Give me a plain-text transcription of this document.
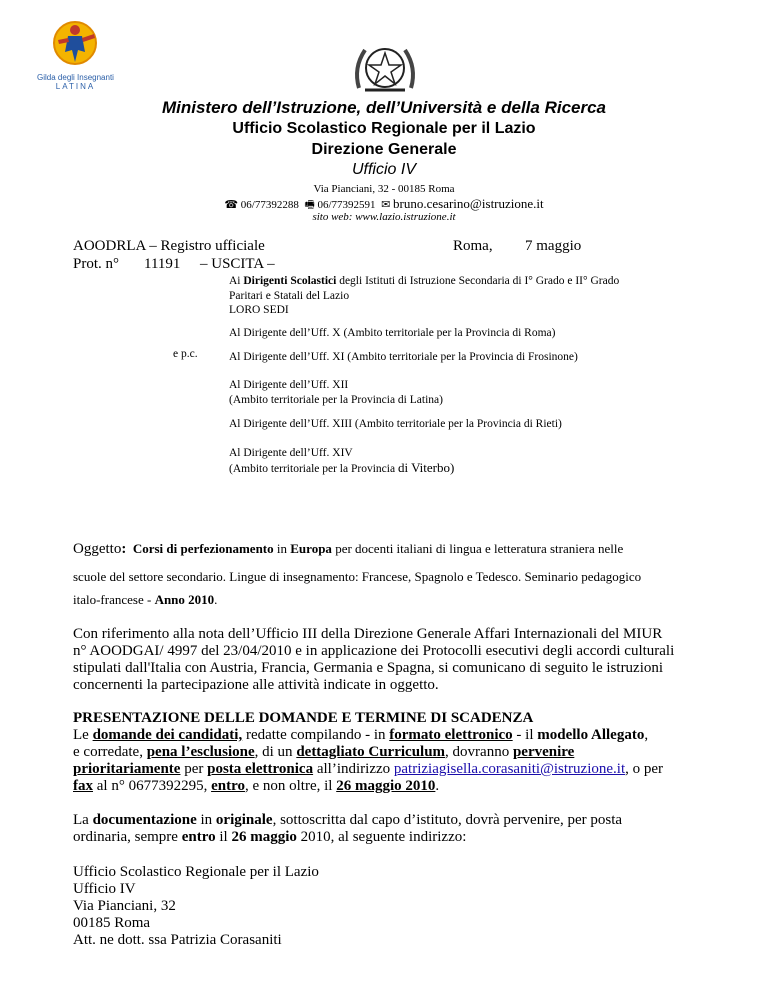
Gilda degli Insegnanti
LATINA
Ministero dell’Istruzione, dell’Università e della Ricerca
Ufficio Scolastico Regionale per il Lazio
Direzione Generale
Ufficio IV
Via Pianciani, 32 - 00185 Roma
☎ 06/77392288  🖷 06/77392591  ✉ bruno.cesarino@istruzione.it
sito web: www.lazio.istruzione.it
AOODRLA – Registro ufficiale	Roma, 7 maggio
Prot. n° 11191 – USCITA –
Ai Dirigenti Scolastici degli Istituti di Istruzione Secondaria di I° Grado e II° Grado
Paritari e Statali del Lazio
LORO SEDI
Al Dirigente dell’Uff. X (Ambito territoriale per la Provincia di Roma)
e p.c.	Al Dirigente dell’Uff. XI (Ambito territoriale per la Provincia di Frosinone)
Al Dirigente dell’Uff. XII
(Ambito territoriale per la Provincia di Latina)
Al Dirigente dell’Uff. XIII (Ambito territoriale per la Provincia di Rieti)
Al Dirigente dell’Uff. XIV
(Ambito territoriale per la Provincia di Viterbo)
Oggetto: Corsi di perfezionamento in Europa per docenti italiani di lingua e letteratura straniera nelle
scuole del settore secondario. Lingue di insegnamento: Francese, Spagnolo e Tedesco. Seminario pedagogico
italo-francese - Anno 2010.
Con riferimento alla nota dell’Ufficio III della Direzione Generale Affari Internazionali del MIUR
n° AOODGAI/ 4997 del 23/04/2010 e in applicazione dei Protocolli esecutivi degli accordi culturali
stipulati dall'Italia con Austria, Francia, Germania e Spagna, si comunicano di seguito le istruzioni
concernenti la partecipazione alle attività indicate in oggetto.
PRESENTAZIONE DELLE DOMANDE E TERMINE DI SCADENZA
Le domande dei candidati, redatte compilando - in formato elettronico - il modello Allegato,
e corredate, pena l’esclusione, di un dettagliato Curriculum, dovranno pervenire
prioritariamente per posta elettronica all’indirizzo patriziagisella.corasaniti@istruzione.it, o per
fax al n° 0677392295, entro, e non oltre, il 26 maggio 2010.
La documentazione in originale, sottoscritta dal capo d’istituto, dovrà pervenire, per posta
ordinaria, sempre entro il 26 maggio 2010, al seguente indirizzo:
Ufficio Scolastico Regionale per il Lazio
Ufficio IV
Via Pianciani, 32
00185 Roma
Att. ne dott. ssa Patrizia Corasaniti
